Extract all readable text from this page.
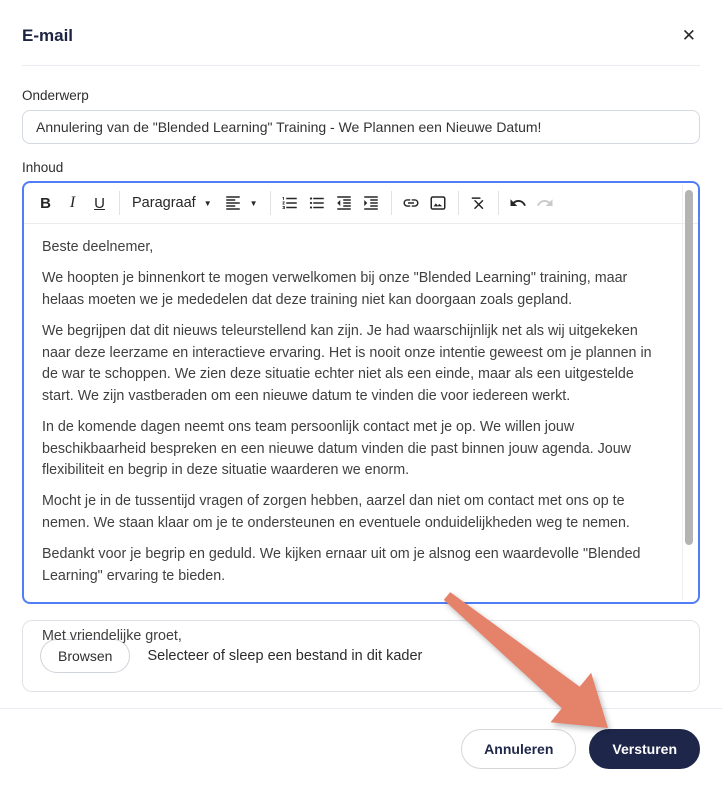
E-mail	✕
Onderwerp
Annulering van de "Blended Learning" Training - We Plannen een Nieuwe Datum!
Inhoud
B	I	U	Paragraaf ▼	▼

Beste deelnemer,

We hoopten je binnenkort te mogen verwelkomen bij onze "Blended Learning" training, maar helaas moeten we je mededelen dat deze training niet kan doorgaan zoals gepland.

We begrijpen dat dit nieuws teleurstellend kan zijn. Je had waarschijnlijk net als wij uitgekeken naar deze leerzame en interactieve ervaring. Het is nooit onze intentie geweest om je plannen in de war te schoppen. We zien deze situatie echter niet als een einde, maar als een uitgestelde start. We zijn vastberaden om een nieuwe datum te vinden die voor iedereen werkt.

In de komende dagen neemt ons team persoonlijk contact met je op. We willen jouw beschikbaarheid bespreken en een nieuwe datum vinden die past binnen jouw agenda. Jouw flexibiliteit en begrip in deze situatie waarderen we enorm.

Mocht je in de tussentijd vragen of zorgen hebben, aarzel dan niet om contact met ons op te nemen. We staan klaar om je te ondersteunen en eventuele onduidelijkheden weg te nemen.

Bedankt voor je begrip en geduld. We kijken ernaar uit om je alsnog een waardevolle "Blended Learning" ervaring te bieden.

Met vriendelijke groet,

Browsen	Selecteer of sleep een bestand in dit kader
Annuleren	Versturen
